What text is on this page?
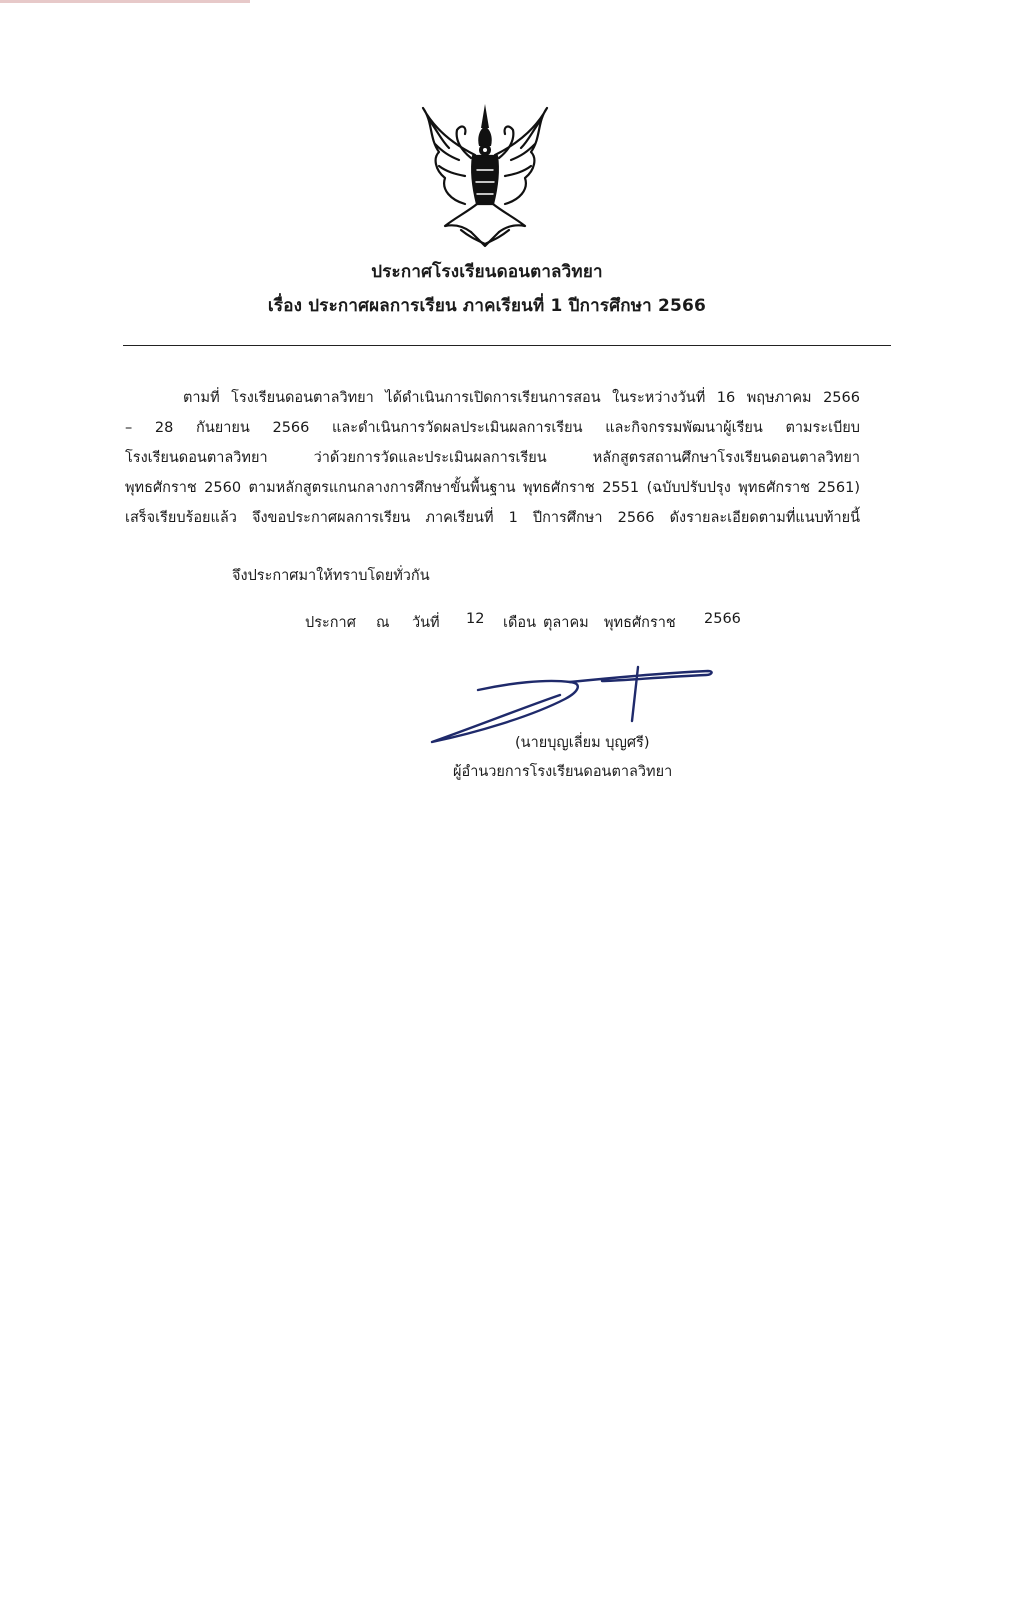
ประกาศโรงเรียนดอนตาลวิทยา
เรื่อง ประกาศผลการเรียน ภาคเรียนที่ 1 ปีการศึกษา 2566
ตามที่ โรงเรียนดอนตาลวิทยา ได้ดำเนินการเปิดการเรียนการสอน ในระหว่างวันที่ 16 พฤษภาคม 2566
– 28 กันยายน 2566 และดำเนินการวัดผลประเมินผลการเรียน และกิจกรรมพัฒนาผู้เรียน ตามระเบียบ
โรงเรียนดอนตาลวิทยา ว่าด้วยการวัดและประเมินผลการเรียน หลักสูตรสถานศึกษาโรงเรียนดอนตาลวิทยา
พุทธศักราช 2560 ตามหลักสูตรแกนกลางการศึกษาขั้นพื้นฐาน พุทธศักราช 2551 (ฉบับปรับปรุง พุทธศักราช 2561)
เสร็จเรียบร้อยแล้ว จึงขอประกาศผลการเรียน ภาคเรียนที่ 1 ปีการศึกษา 2566 ดังรายละเอียดตามที่แนบท้ายนี้
จึงประกาศมาให้ทราบโดยทั่วกัน
ประกาศ ณ วันที่ 12 เดือน ตุลาคม พุทธศักราช 2566
(นายบุญเลี่ยม บุญศรี)
ผู้อำนวยการโรงเรียนดอนตาลวิทยา
